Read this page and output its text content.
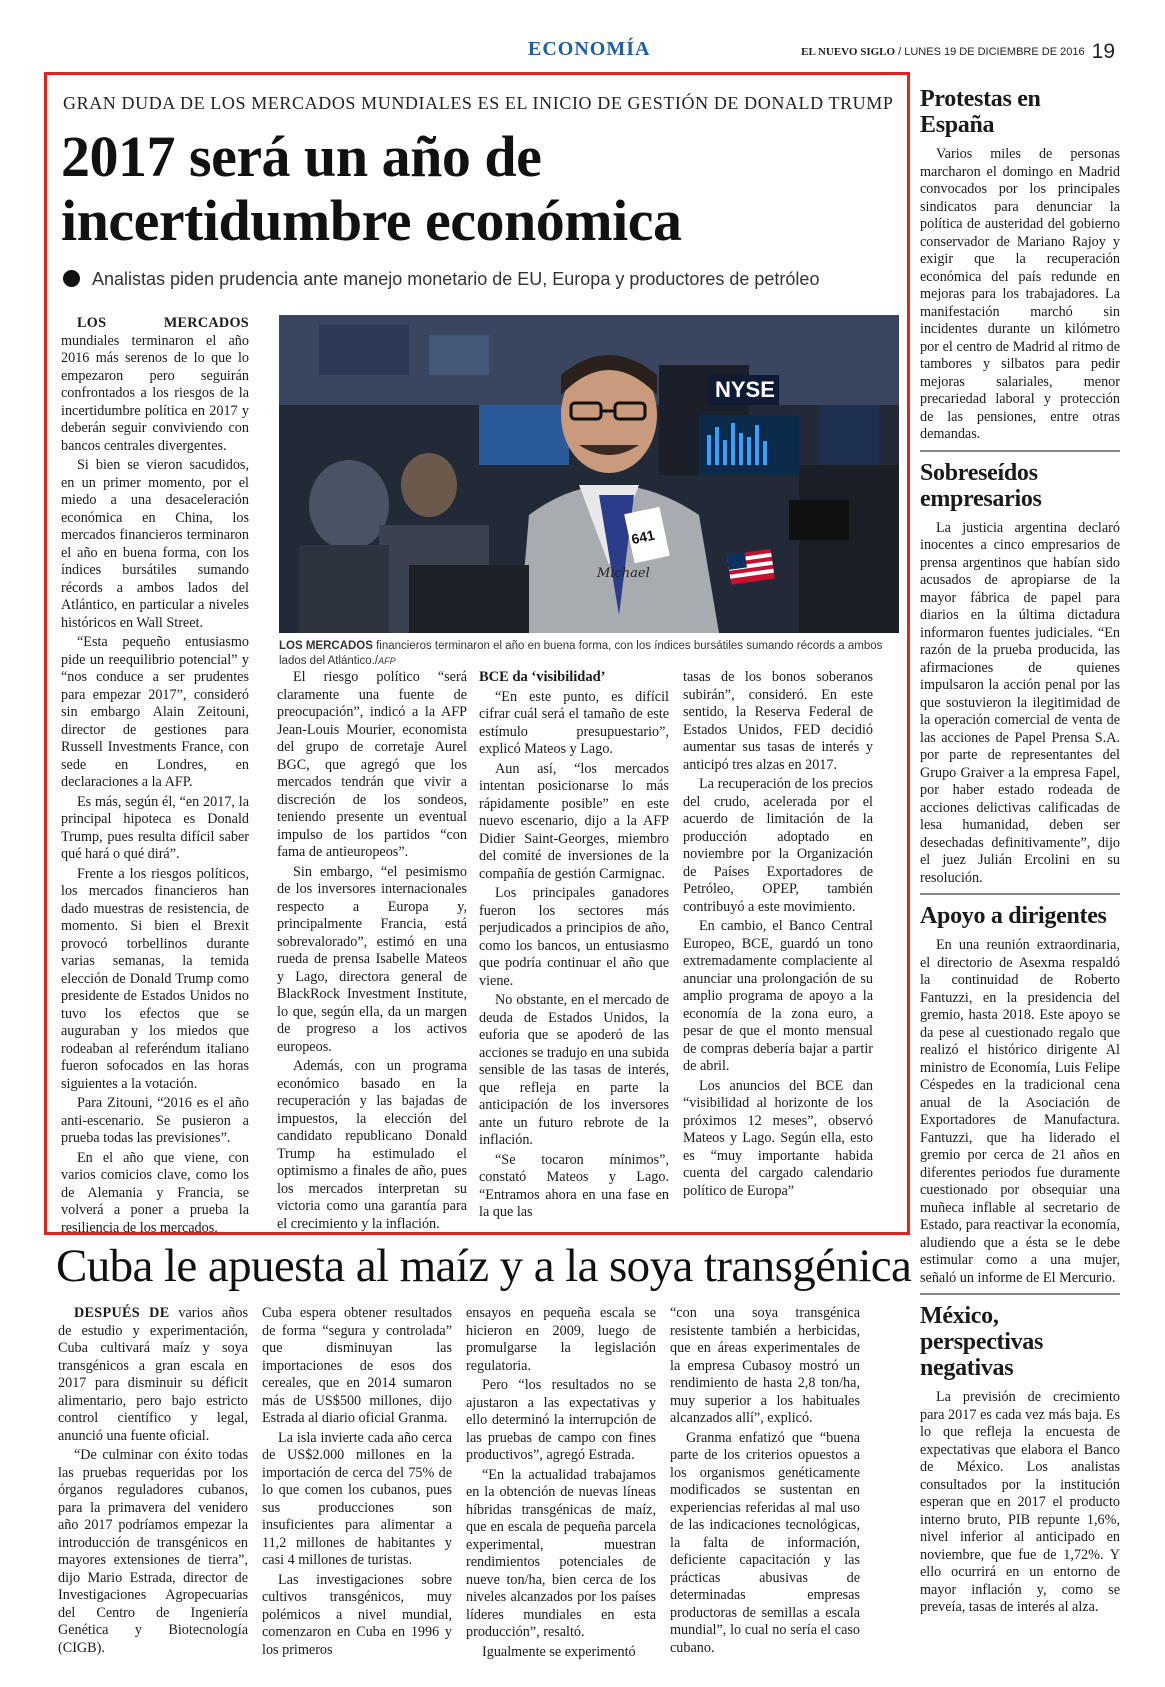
ECONOMÍA	EL NUEVO SIGLO / LUNES 19 DE DICIEMBRE DE 2016 19
GRAN DUDA DE LOS MERCADOS MUNDIALES ES EL INICIO DE GESTIÓN DE DONALD TRUMP
2017 será un año de
incertidumbre económica
Analistas piden prudencia ante manejo monetario de EU, Europa y productores de petróleo

LOS MERCADOS mundiales terminaron el año 2016 más serenos de lo que lo empezaron pero seguirán confrontados a los riesgos de la incertidumbre política en 2017 y deberán seguir conviviendo con bancos centrales divergentes.

Si bien se vieron sacudidos, en un primer momento, por el miedo a una desaceleración económica en China, los mercados financieros terminaron el año en buena forma, con los índices bursátiles sumando récords a ambos lados del Atlántico, en particular a niveles históricos en Wall Street.

“Esta pequeño entusiasmo pide un reequilibrio potencial” y “nos conduce a ser prudentes para empezar 2017”, consideró sin embargo Alain Zeitouni, director de gestiones para Russell Investments France, con sede en Londres, en declaraciones a la AFP.

Es más, según él, “en 2017, la principal hipoteca es Donald Trump, pues resulta difícil saber qué hará o qué dirá”.

Frente a los riesgos políticos, los mercados financieros han dado muestras de resistencia, de momento. Si bien el Brexit provocó torbellinos durante varias semanas, la temida elección de Donald Trump como presidente de Estados Unidos no tuvo los efectos que se auguraban y los miedos que rodeaban al referéndum italiano fueron sofocados en las horas siguientes a la votación.

Para Zitouni, “2016 es el año anti-escenario. Se pusieron a prueba todas las previsiones”.

En el año que viene, con varios comicios clave, como los de Alemania y Francia, se volverá a poner a prueba la resiliencia de los mercados.

NYSE
641
Michael
LOS MERCADOS financieros terminaron el año en buena forma, con los índices bursátiles sumando récords a ambos lados del Atlántico./AFP

El riesgo político “será claramente una fuente de preocupación”, indicó a la AFP Jean-Louis Mourier, economista del grupo de corretaje Aurel BGC, que agregó que los mercados tendrán que vivir a discreción de los sondeos, teniendo presente un eventual impulso de los partidos “con fama de antieuropeos”.

Sin embargo, “el pesimismo de los inversores internacionales respecto a Europa y, principalmente Francia, está sobrevalorado”, estimó en una rueda de prensa Isabelle Mateos y Lago, directora general de BlackRock Investment Institute, lo que, según ella, da un margen de progreso a los activos europeos.

Además, con un programa económico basado en la recuperación y las bajadas de impuestos, la elección del candidato republicano Donald Trump ha estimulado el optimismo a finales de año, pues los mercados interpretan su victoria como una garantía para el crecimiento y la inflación.

BCE da ‘visibilidad’

“En este punto, es difícil cifrar cuál será el tamaño de este estímulo presupuestario”, explicó Mateos y Lago.

Aun así, “los mercados intentan posicionarse lo más rápidamente posible” en este nuevo escenario, dijo a la AFP Didier Saint-Georges, miembro del comité de inversiones de la compañía de gestión Carmignac.

Los principales ganadores fueron los sectores más perjudicados a principios de año, como los bancos, un entusiasmo que podría continuar el año que viene.

No obstante, en el mercado de deuda de Estados Unidos, la euforia que se apoderó de las acciones se tradujo en una subida sensible de las tasas de interés, que refleja en parte la anticipación de los inversores ante un futuro rebrote de la inflación.

“Se tocaron mínimos”, constató Mateos y Lago. “Entramos ahora en una fase en la que las

tasas de los bonos soberanos subirán”, consideró. En este sentido, la Reserva Federal de Estados Unidos, FED decidió aumentar sus tasas de interés y anticipó tres alzas en 2017.

La recuperación de los precios del crudo, acelerada por el acuerdo de limitación de la producción adoptado en noviembre por la Organización de Países Exportadores de Petróleo, OPEP, también contribuyó a este movimiento.

En cambio, el Banco Central Europeo, BCE, guardó un tono extremadamente complaciente al anunciar una prolongación de su amplio programa de apoyo a la economía de la zona euro, a pesar de que el monto mensual de compras debería bajar a partir de abril.

Los anuncios del BCE dan “visibilidad al horizonte de los próximos 12 meses”, observó Mateos y Lago. Según ella, esto es “muy importante habida cuenta del cargado calendario político de Europa”

Protestas en España
Varios miles de personas marcharon el domingo en Madrid convocados por los principales sindicatos para denunciar la política de austeridad del gobierno conservador de Mariano Rajoy y exigir que la recuperación económica del país redunde en mejoras para los trabajadores. La manifestación marchó sin incidentes durante un kilómetro por el centro de Madrid al ritmo de tambores y silbatos para pedir mejoras salariales, menor precariedad laboral y protección de las pensiones, entre otras demandas.
Sobreseídos empresarios
La justicia argentina declaró inocentes a cinco empresarios de prensa argentinos que habían sido acusados de apropiarse de la mayor fábrica de papel para diarios en la última dictadura informaron fuentes judiciales. “En razón de la prueba producida, las afirmaciones de quienes impulsaron la acción penal por las que sostuvieron la ilegitimidad de la operación comercial de venta de las acciones de Papel Prensa S.A. por parte de representantes del Grupo Graiver a la empresa Fapel, por haber estado rodeada de acciones delictivas calificadas de lesa humanidad, deben ser desechadas definitivamente”, dijo el juez Julián Ercolini en su resolución.
Apoyo a dirigentes
En una reunión extraordinaria, el directorio de Asexma respaldó la continuidad de Roberto Fantuzzi, en la presidencia del gremio, hasta 2018. Este apoyo se da pese al cuestionado regalo que realizó el histórico dirigente Al ministro de Economía, Luis Felipe Céspedes en la tradicional cena anual de la Asociación de Exportadores de Manufactura. Fantuzzi, que ha liderado el gremio por cerca de 21 años en diferentes periodos fue duramente cuestionado por obsequiar una muñeca inflable al secretario de Estado, para reactivar la economía, aludiendo que a ésta se le debe estimular como a una mujer, señaló un informe de El Mercurio.
México, perspectivas negativas
La previsión de crecimiento para 2017 es cada vez más baja. Es lo que refleja la encuesta de expectativas que elabora el Banco de México. Los analistas consultados por la institución esperan que en 2017 el producto interno bruto, PIB repunte 1,6%, nivel inferior al anticipado en noviembre, que fue de 1,72%. Y ello ocurrirá en un entorno de mayor inflación y, como se preveía, tasas de interés al alza.
Cuba le apuesta al maíz y a la soya transgénica

DESPUÉS DE varios años de estudio y experimentación, Cuba cultivará maíz y soya transgénicos a gran escala en 2017 para disminuir su déficit alimentario, pero bajo estricto control científico y legal, anunció una fuente oficial.

“De culminar con éxito todas las pruebas requeridas por los órganos reguladores cubanos, para la primavera del venidero año 2017 podríamos empezar la introducción de transgénicos en mayores extensiones de tierra”, dijo Mario Estrada, director de Investigaciones Agropecuarias del Centro de Ingeniería Genética y Biotecnología (CIGB).

Cuba espera obtener resultados de forma “segura y controlada” que disminuyan las importaciones de esos dos cereales, que en 2014 sumaron más de US$500 millones, dijo Estrada al diario oficial Granma.

La isla invierte cada año cerca de US$2.000 millones en la importación de cerca del 75% de lo que comen los cubanos, pues sus producciones son insuficientes para alimentar a 11,2 millones de habitantes y casi 4 millones de turistas.

Las investigaciones sobre cultivos transgénicos, muy polémicos a nivel mundial, comenzaron en Cuba en 1996 y los primeros

ensayos en pequeña escala se hicieron en 2009, luego de promulgarse la legislación regulatoria.

Pero “los resultados no se ajustaron a las expectativas y ello determinó la interrupción de las pruebas de campo con fines productivos”, agregó Estrada.

“En la actualidad trabajamos en la obtención de nuevas líneas híbridas transgénicas de maíz, que en escala de pequeña parcela experimental, muestran rendimientos potenciales de nueve ton/ha, bien cerca de los niveles alcanzados por los países líderes mundiales en esta producción”, resaltó.

Igualmente se experimentó

“con una soya transgénica resistente también a herbicidas, que en áreas experimentales de la empresa Cubasoy mostró un rendimiento de hasta 2,8 ton/ha, muy superior a los habituales alcanzados allí”, explicó.

Granma enfatizó que “buena parte de los criterios opuestos a los organismos genéticamente modificados se sustentan en experiencias referidas al mal uso de las indicaciones tecnológicas, la falta de información, deficiente capacitación y las prácticas abusivas de determinadas empresas productoras de semillas a escala mundial”, lo cual no sería el caso cubano.
